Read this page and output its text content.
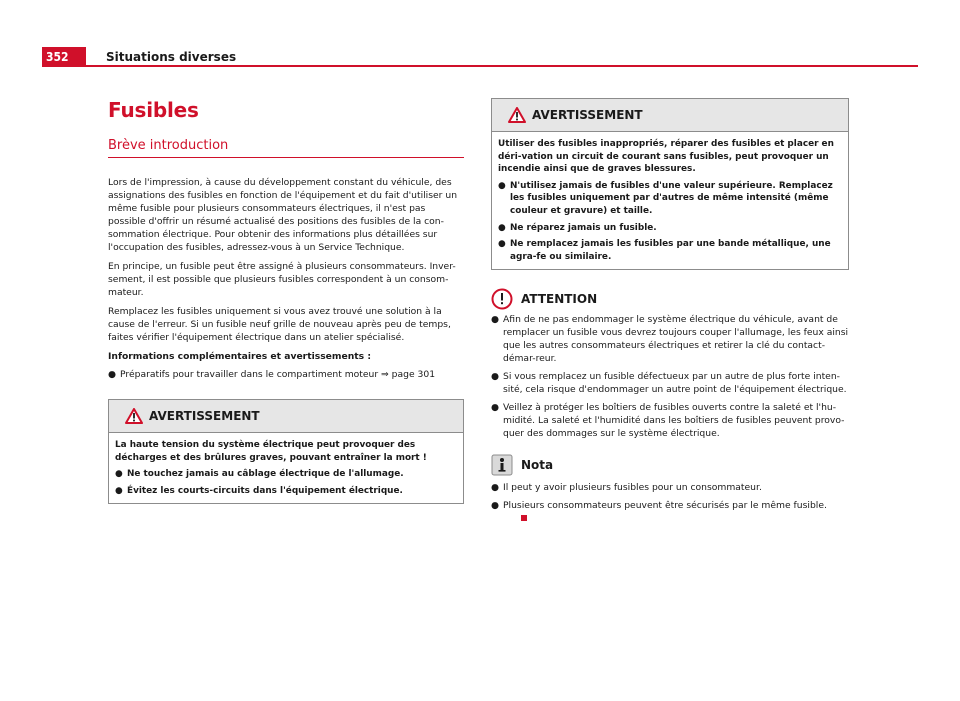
352	Situations diverses
Fusibles
Brève introduction

Lors de l'impression, à cause du développement constant du véhicule, des assignations des fusibles en fonction de l'équipement et du fait d'utiliser un même fusible pour plusieurs consommateurs électriques, il n'est pas possible d'offrir un résumé actualisé des positions des fusibles de la con-sommation électrique. Pour obtenir des informations plus détaillées sur l'occupation des fusibles, adressez-vous à un Service Technique.

En principe, un fusible peut être assigné à plusieurs consommateurs. Inver-sement, il est possible que plusieurs fusibles correspondent à un consom-mateur.

Remplacez les fusibles uniquement si vous avez trouvé une solution à la cause de l'erreur. Si un fusible neuf grille de nouveau après peu de temps, faites vérifier l'équipement électrique dans un atelier spécialisé.

Informations complémentaires et avertissements :

● Préparatifs pour travailler dans le compartiment moteur ⇒ page 301
AVERTISSEMENT

La haute tension du système électrique peut provoquer des décharges et des brûlures graves, pouvant entraîner la mort !

● Ne touchez jamais au câblage électrique de l'allumage.
● Évitez les courts-circuits dans l'équipement électrique.
AVERTISSEMENT

Utiliser des fusibles inappropriés, réparer des fusibles et placer en déri-vation un circuit de courant sans fusibles, peut provoquer un incendie ainsi que de graves blessures.

● N'utilisez jamais de fusibles d'une valeur supérieure. Remplacez les fusibles uniquement par d'autres de même intensité (même couleur et gravure) et taille.
● Ne réparez jamais un fusible.
● Ne remplacez jamais les fusibles par une bande métallique, une agra-fe ou similaire.
ATTENTION
● Afin de ne pas endommager le système électrique du véhicule, avant de remplacer un fusible vous devrez toujours couper l'allumage, les feux ainsi que les autres consommateurs électriques et retirer la clé du contact-démar-reur.
● Si vous remplacez un fusible défectueux par un autre de plus forte inten-sité, cela risque d'endommager un autre point de l'équipement électrique.
● Veillez à protéger les boîtiers de fusibles ouverts contre la saleté et l'hu-midité. La saleté et l'humidité dans les boîtiers de fusibles peuvent provo-quer des dommages sur le système électrique.
Nota
● Il peut y avoir plusieurs fusibles pour un consommateur.
● Plusieurs consommateurs peuvent être sécurisés par le même fusible.
